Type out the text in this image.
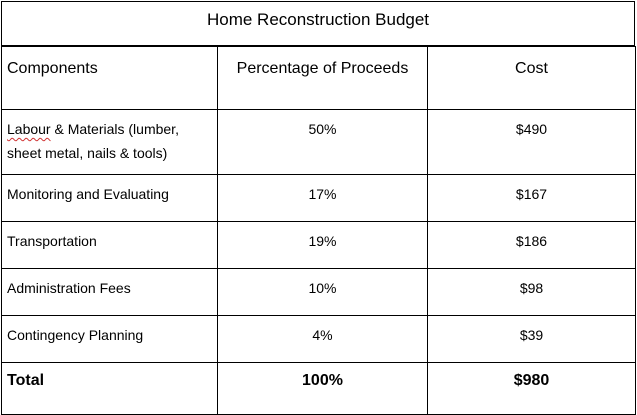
Home Reconstruction Budget
Components	Percentage of Proceeds	Cost
Labour & Materials (lumber, sheet metal, nails & tools)	50%	$490
Monitoring and Evaluating	17%	$167
Transportation	19%	$186
Administration Fees	10%	$98
Contingency Planning	4%	$39
Total	100%	$980
